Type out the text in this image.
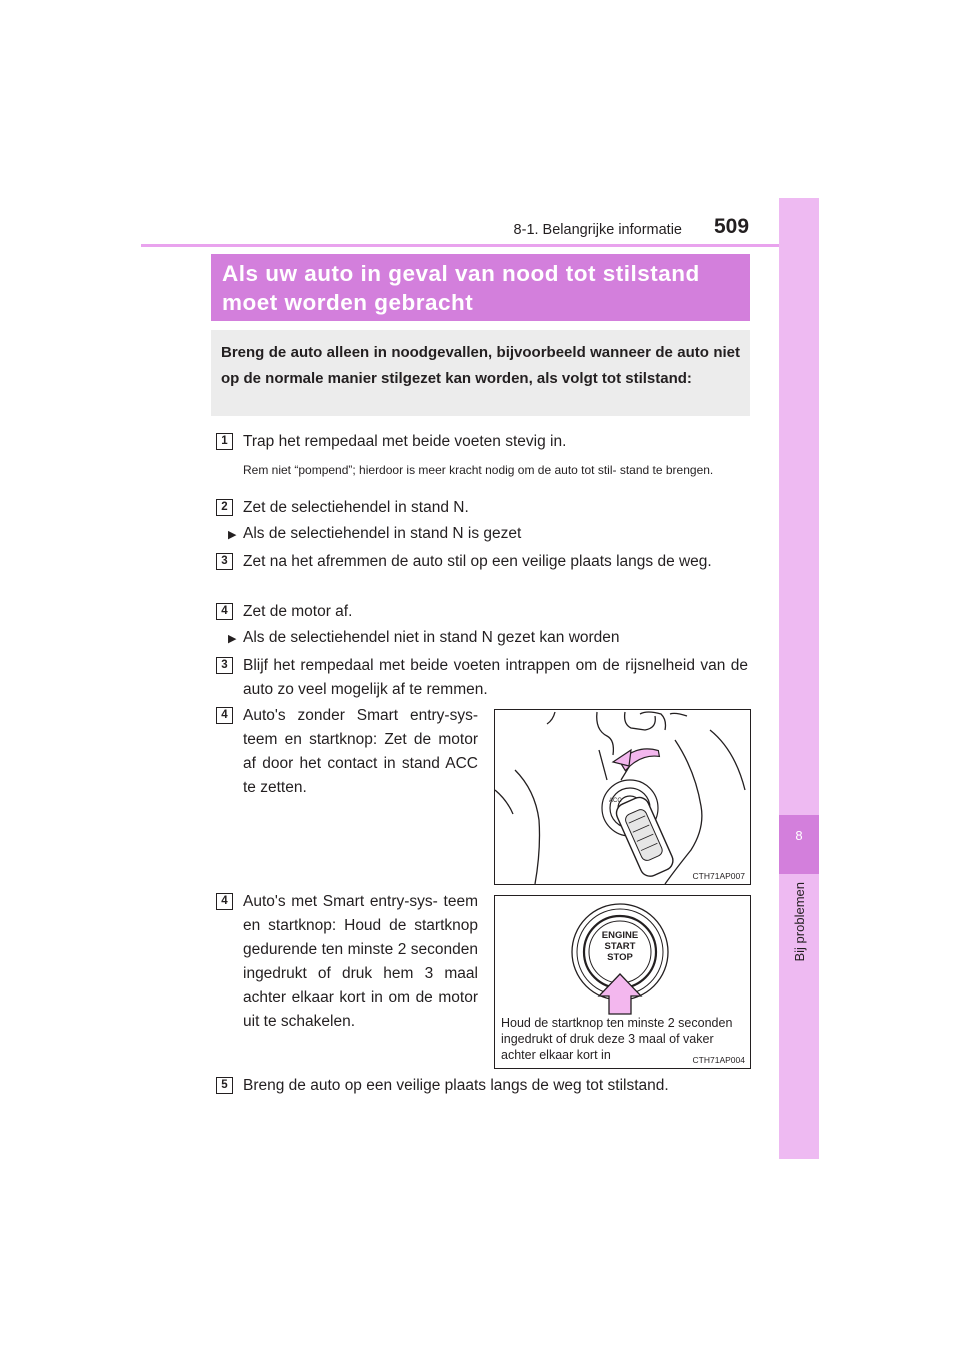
8-1. Belangrijke informatie 509
8
Bij problemen
Als uw auto in geval van nood tot stilstand moet worden gebracht
Breng de auto alleen in noodgevallen, bijvoorbeeld wanneer de auto niet op de normale manier stilgezet kan worden, als volgt tot stilstand:
1 Trap het rempedaal met beide voeten stevig in.
Rem niet “pompend”; hierdoor is meer kracht nodig om de auto tot stil- stand te brengen.
2 Zet de selectiehendel in stand N.
▶ Als de selectiehendel in stand N is gezet
3 Zet na het afremmen de auto stil op een veilige plaats langs de weg.
4 Zet de motor af.
▶ Als de selectiehendel niet in stand N gezet kan worden
3 Blijf het rempedaal met beide voeten intrappen om de rijsnelheid van de auto zo veel mogelijk af te remmen.
4 Auto's zonder Smart entry-sys- teem en startknop: Zet de motor af door het contact in stand ACC te zetten.
ACC
CTH71AP007
4 Auto's met Smart entry-sys- teem en startknop: Houd de startknop gedurende ten minste 2 seconden ingedrukt of druk hem 3 maal achter elkaar kort in om de motor uit te schakelen.
ENGINE
START
STOP
Houd de startknop ten minste 2 seconden ingedrukt of druk deze 3 maal of vaker achter elkaar kort in	CTH71AP004
5 Breng de auto op een veilige plaats langs de weg tot stilstand.
